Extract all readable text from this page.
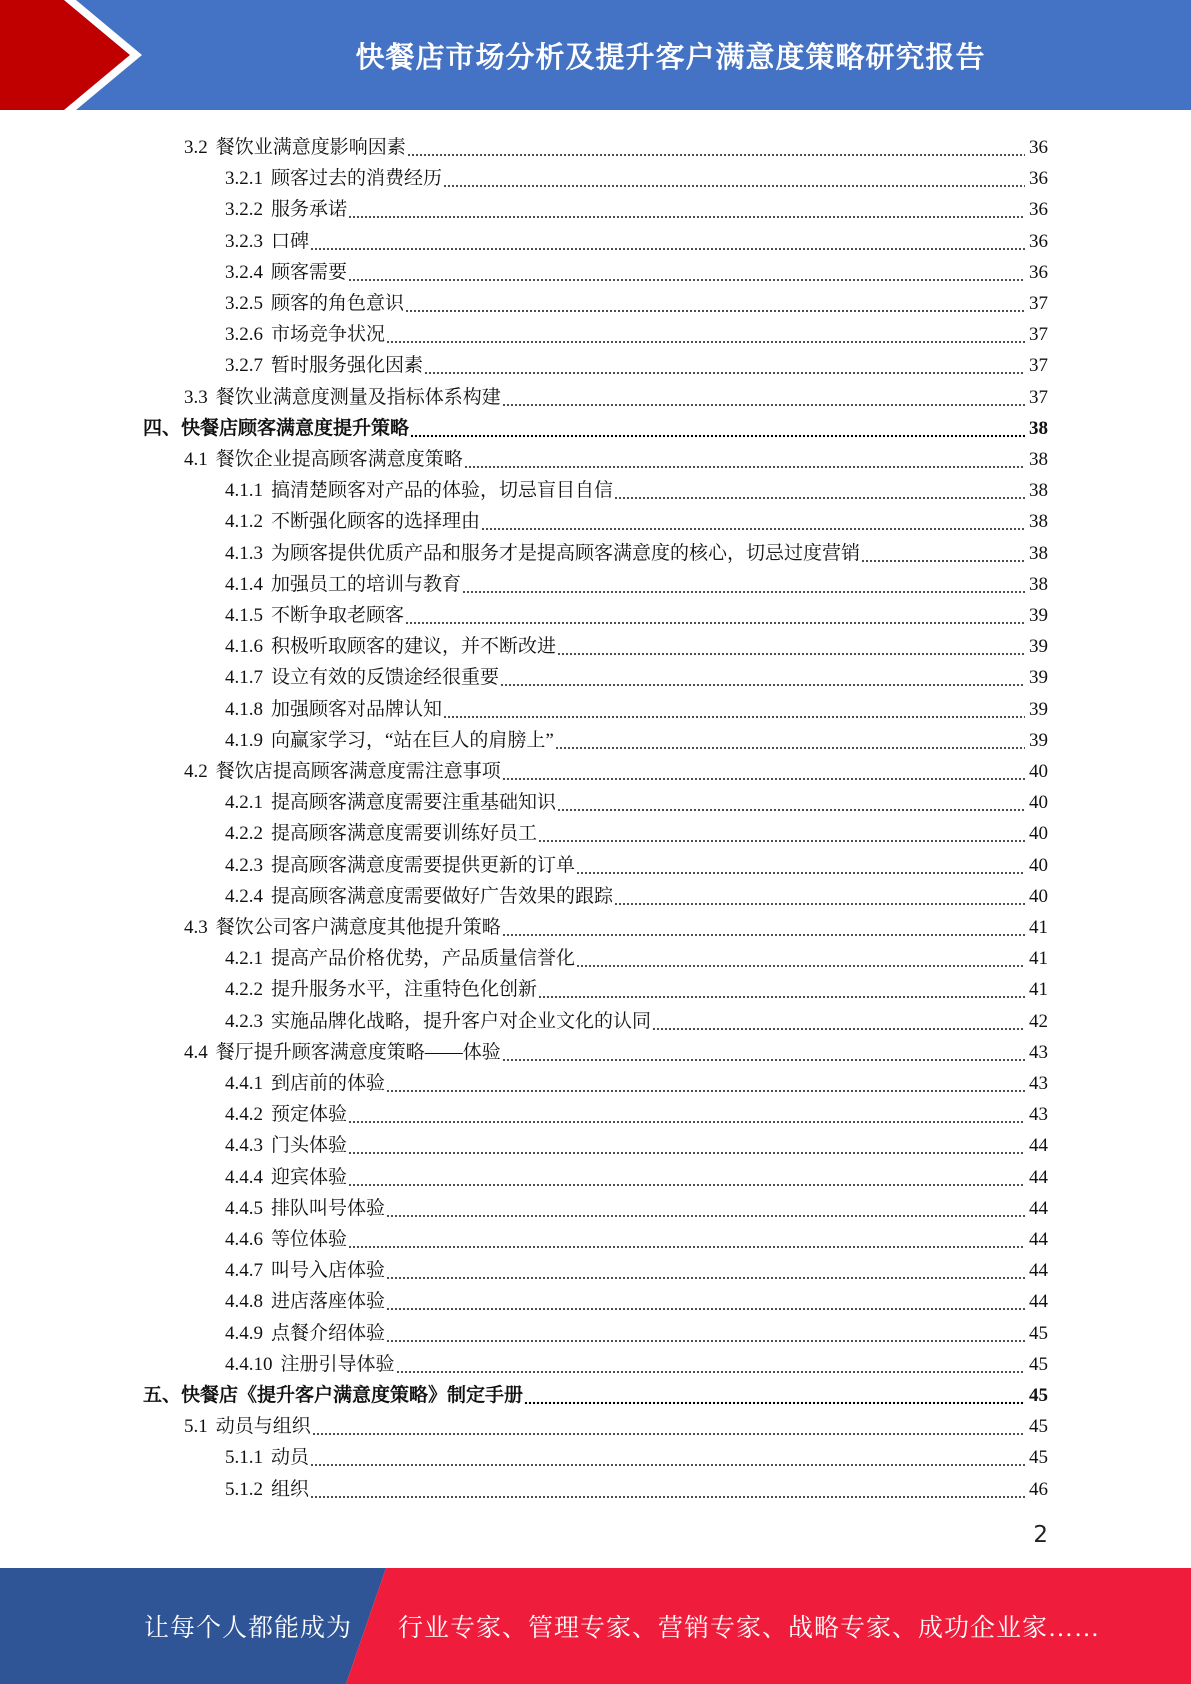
快餐店市场分析及提升客户满意度策略研究报告
3.2 餐饮业满意度影响因素	36
3.2.1 顾客过去的消费经历	36
3.2.2 服务承诺	36
3.2.3 口碑	36
3.2.4 顾客需要	36
3.2.5 顾客的角色意识	37
3.2.6 市场竞争状况	37
3.2.7 暂时服务强化因素	37
3.3 餐饮业满意度测量及指标体系构建	37
四、 快餐店顾客满意度提升策略	38
4.1 餐饮企业提高顾客满意度策略	38
4.1.1 搞清楚顾客对产品的体验，切忌盲目自信	38
4.1.2 不断强化顾客的选择理由	38
4.1.3 为顾客提供优质产品和服务才是提高顾客满意度的核心，切忌过度营销	38
4.1.4 加强员工的培训与教育	38
4.1.5 不断争取老顾客	39
4.1.6 积极听取顾客的建议，并不断改进	39
4.1.7 设立有效的反馈途经很重要	39
4.1.8 加强顾客对品牌认知	39
4.1.9 向赢家学习，“站在巨人的肩膀上”	39
4.2 餐饮店提高顾客满意度需注意事项	40
4.2.1 提高顾客满意度需要注重基础知识	40
4.2.2 提高顾客满意度需要训练好员工	40
4.2.3 提高顾客满意度需要提供更新的订单	40
4.2.4 提高顾客满意度需要做好广告效果的跟踪	40
4.3 餐饮公司客户满意度其他提升策略	41
4.2.1 提高产品价格优势，产品质量信誉化	41
4.2.2 提升服务水平，注重特色化创新	41
4.2.3 实施品牌化战略，提升客户对企业文化的认同	42
4.4 餐厅提升顾客满意度策略——体验	43
4.4.1 到店前的体验	43
4.4.2 预定体验	43
4.4.3 门头体验	44
4.4.4 迎宾体验	44
4.4.5 排队叫号体验	44
4.4.6 等位体验	44
4.4.7 叫号入店体验	44
4.4.8 进店落座体验	44
4.4.9 点餐介绍体验	45
4.4.10 注册引导体验	45
五、 快餐店《提升客户满意度策略》制定手册	45
5.1 动员与组织	45
5.1.1 动员	45
5.1.2 组织	46
2
让每个人都能成为 行业专家、管理专家、营销专家、战略专家、成功企业家……
